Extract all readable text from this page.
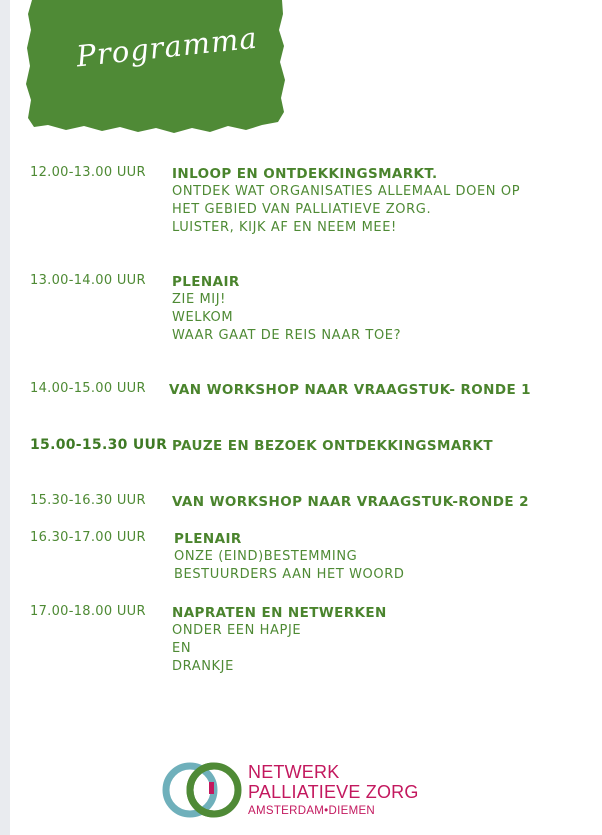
Programma
12.00-13.00 UUR INLOOP EN ONTDEKKINGSMARKT.
ONTDEK WAT ORGANISATIES ALLEMAAL DOEN OP
HET GEBIED VAN PALLIATIEVE ZORG.
LUISTER, KIJK AF EN NEEM MEE!
13.00-14.00 UUR PLENAIR
ZIE MIJ!
WELKOM
WAAR GAAT DE REIS NAAR TOE?
14.00-15.00 UUR VAN WORKSHOP NAAR VRAAGSTUK- RONDE 1
15.00-15.30 UUR PAUZE EN BEZOEK ONTDEKKINGSMARKT
15.30-16.30 UUR VAN WORKSHOP NAAR VRAAGSTUK-RONDE 2
16.30-17.00 UUR PLENAIR
ONZE (EIND)BESTEMMING
BESTUURDERS AAN HET WOORD
17.00-18.00 UUR NAPRATEN EN NETWERKEN
ONDER EEN HAPJE
EN
DRANKJE
NETWERK
PALLIATIEVE ZORG
AMSTERDAM•DIEMEN
